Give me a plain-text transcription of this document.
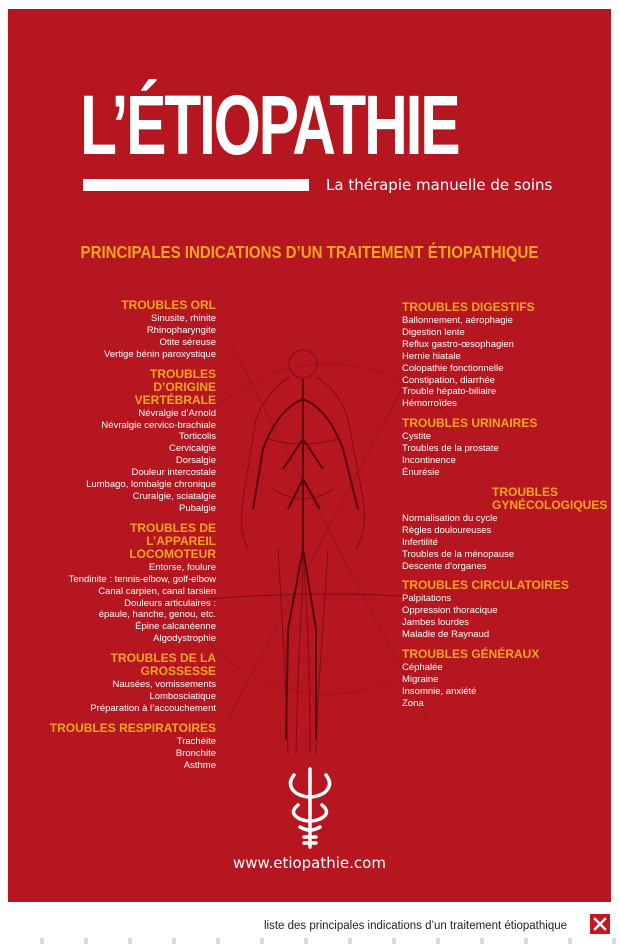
L’ÉTIOPATHIE
La thérapie manuelle de soins
PRINCIPALES INDICATIONS D’UN TRAITEMENT ÉTIOPATHIQUE
TROUBLES ORL
Sinusite, rhinite
Rhinopharyngite
Otite séreuse
Vertige bénin paroxystique
TROUBLES D’ORIGINE VERTÉBRALE
Névralgie d’Arnold
Névralgie cervico-brachiale
Torticolis
Cervicalgie
Dorsalgie
Douleur intercostale
Lumbago, lombalgie chronique
Cruralgie, sciatalgie
Pubalgie
TROUBLES DE L’APPAREIL LOCOMOTEUR
Entorse, foulure
Tendinite : tennis-elbow, golf-elbow
Canal carpien, canal tarsien
Douleurs articulaires :
épaule, hanche, genou, etc.
Épine calcanéenne
Algodystrophie
TROUBLES DE LA GROSSESSE
Nausées, vomissements
Lombosciatique
Préparation à l’accouchement
TROUBLES RESPIRATOIRES
Trachéite
Bronchite
Asthme
TROUBLES DIGESTIFS
Ballonnement, aérophagie
Digestion lente
Reflux gastro-œsophagien
Hernie hiatale
Colopathie fonctionnelle
Constipation, diarrhée
Trouble hépato-biliaire
Hémorroïdes
TROUBLES URINAIRES
Cystite
Troubles de la prostate
Incontinence
Énurésie
TROUBLES GYNÉCOLOGIQUES
Normalisation du cycle
Règles douloureuses
Infertilité
Troubles de la ménopause
Descente d’organes
TROUBLES CIRCULATOIRES
Palpitations
Oppression thoracique
Jambes lourdes
Maladie de Raynaud
TROUBLES GÉNÉRAUX
Céphalée
Migraine
Insomnie, anxiété
Zona
www.etiopathie.com
liste des principales indications d’un traitement étiopathique
